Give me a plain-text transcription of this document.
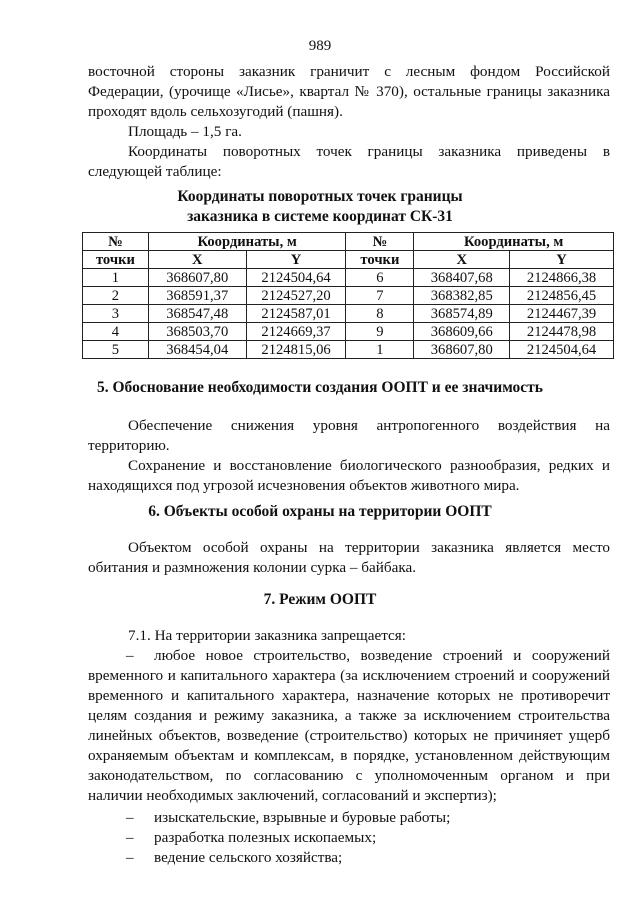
989

восточной стороны заказник граничит с лесным фондом Российской

Федерации, (урочище «Лисье», квартал № 370), остальные границы заказника

проходят вдоль сельхозугодий (пашня).

Площадь – 1,5 га.

Координаты поворотных точек границы заказника приведены в

следующей таблице:

Координаты поворотных точек границы
заказника в системе координат СК-31
№	Координаты, м		№	Координаты, м	
точки	X	Y	точки	X	Y
1	368607,80	2124504,64	6	368407,68	2124866,38
2	368591,37	2124527,20	7	368382,85	2124856,45
3	368547,48	2124587,01	8	368574,89	2124467,39
4	368503,70	2124669,37	9	368609,66	2124478,98
5	368454,04	2124815,06	1	368607,80	2124504,64
5. Обоснование необходимости создания ООПТ и ее значимость

Обеспечение снижения уровня антропогенного воздействия на

территорию.

Сохранение и восстановление биологического разнообразия, редких и

находящихся под угрозой исчезновения объектов животного мира.

6. Объекты особой охраны на территории ООПТ

Объектом особой охраны на территории заказника является место

обитания и размножения колонии сурка – байбака.

7. Режим ООПТ

7.1. На территории заказника запрещается:

– любое новое строительство, возведение строений и сооружений

временного и капитального характера (за исключением строений и сооружений

временного и капитального характера, назначение которых не противоречит

целям создания и режиму заказника, а также за исключением строительства

линейных объектов, возведение (строительство) которых не причиняет ущерб

охраняемым объектам и комплексам, в порядке, установленном действующим

законодательством, по согласованию с уполномоченным органом и при

наличии необходимых заключений, согласований и экспертиз);

– изыскательские, взрывные и буровые работы;
– разработка полезных ископаемых;
– ведение сельского хозяйства;
